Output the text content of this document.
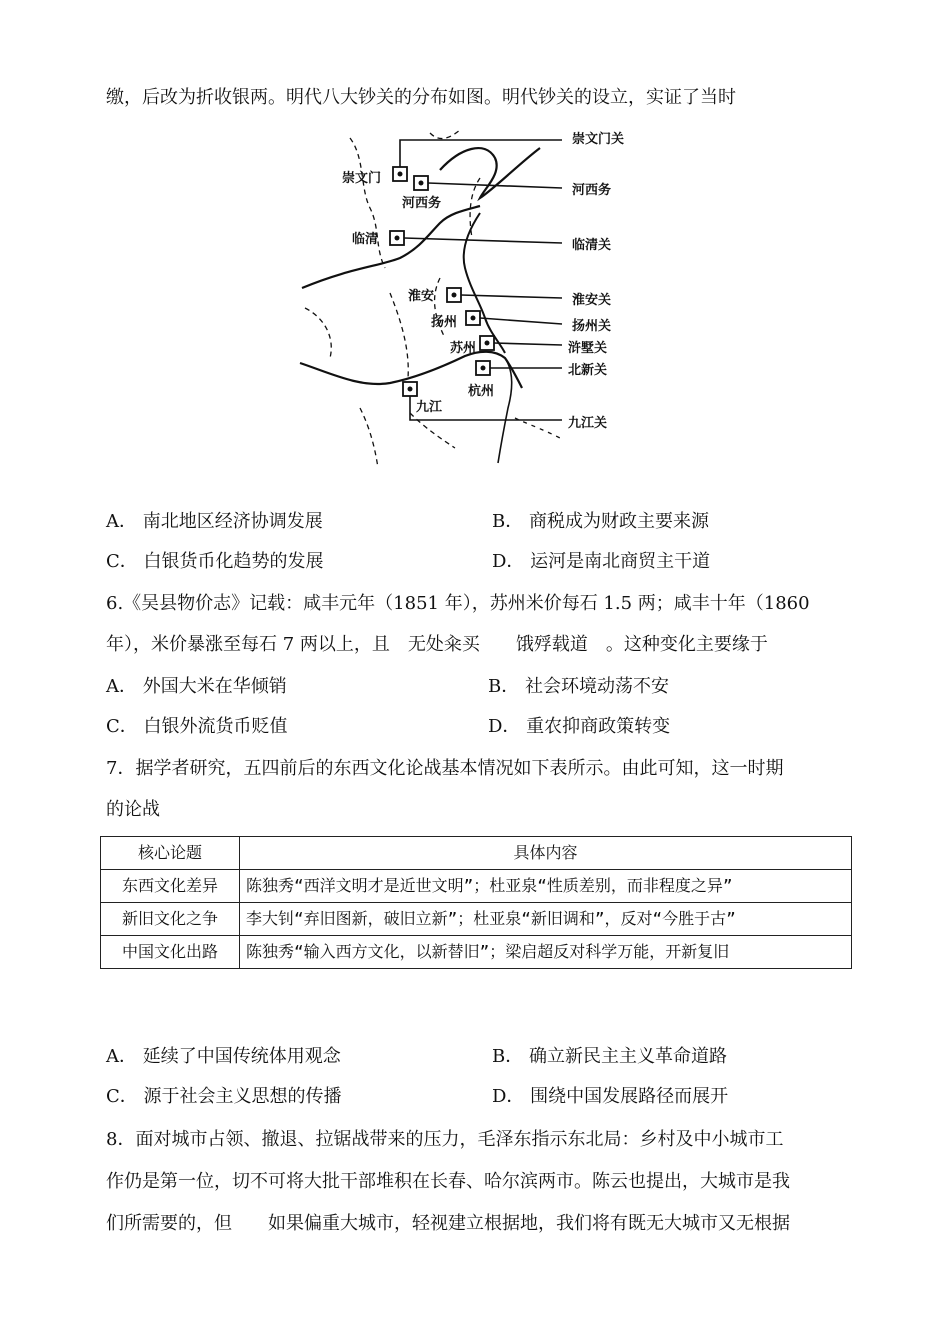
缴，后改为折收银两。明代八大钞关的分布如图。明代钞关的设立，实证了当时
崇文门
河西务
临清
淮安
扬州
苏州
杭州
九江
崇文门关
河西务
临清关
淮安关
扬州关
浒墅关
北新关
九江关
A． 南北地区经济协调发展	B． 商税成为财政主要来源
C． 白银货币化趋势的发展	D． 运河是南北商贸主干道
6.《吴县物价志》记载：咸丰元年（1851 年），苏州米价每石 1.5 两；咸丰十年（1860
年），米价暴涨至每石 7 两以上，且　无处籴买　　饿殍载道　。这种变化主要缘于
A． 外国大米在华倾销	B． 社会环境动荡不安
C． 白银外流货币贬值	D． 重农抑商政策转变
7．据学者研究，五四前后的东西文化论战基本情况如下表所示。由此可知，这一时期
的论战
核心论题	具体内容
东西文化差异	陈独秀“西洋文明才是近世文明”；杜亚泉“性质差别，而非程度之异”
新旧文化之争	李大钊“弃旧图新，破旧立新”；杜亚泉“新旧调和”，反对“今胜于古”
中国文化出路	陈独秀“输入西方文化，以新替旧”；梁启超反对科学万能，开新复旧
A． 延续了中国传统体用观念	B． 确立新民主主义革命道路
C． 源于社会主义思想的传播	D． 围绕中国发展路径而展开
8．面对城市占领、撤退、拉锯战带来的压力，毛泽东指示东北局：乡村及中小城市工
作仍是第一位，切不可将大批干部堆积在长春、哈尔滨两市。陈云也提出，大城市是我
们所需要的，但　　如果偏重大城市，轻视建立根据地，我们将有既无大城市又无根据
